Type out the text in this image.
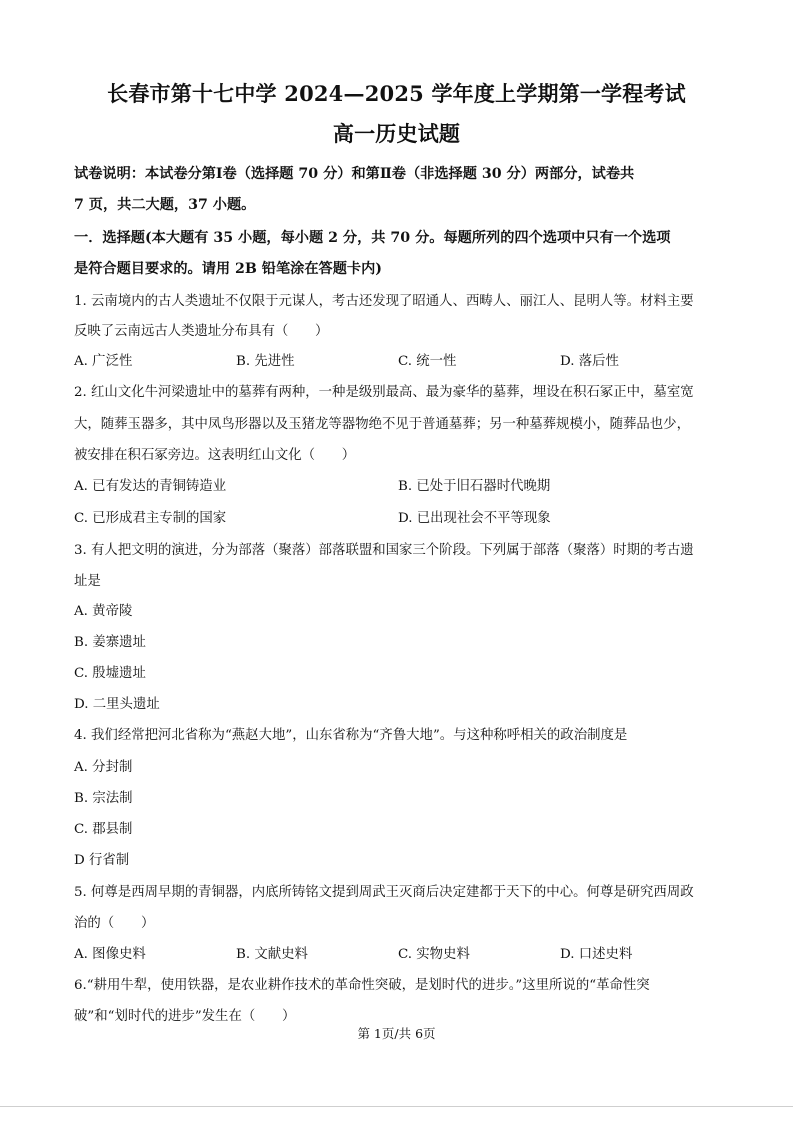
长春市第十七中学 2024—2025 学年度上学期第一学程考试
高一历史试题
试卷说明：本试卷分第Ⅰ卷（选择题 70 分）和第Ⅱ卷（非选择题 30 分）两部分，试卷共
7 页，共二大题，37 小题。
一．选择题(本大题有 35 小题，每小题 2 分，共 70 分。每题所列的四个选项中只有一个选项
是符合题目要求的。请用 2B 铅笔涂在答题卡内)
1. 云南境内的古人类遗址不仅限于元谋人，考古还发现了昭通人、西畴人、丽江人、昆明人等。材料主要
反映了云南远古人类遗址分布具有（　　）
A. 广泛性	B. 先进性	C. 统一性	D. 落后性
2. 红山文化牛河梁遗址中的墓葬有两种，一种是级别最高、最为豪华的墓葬，埋设在积石冢正中，墓室宽
大，随葬玉器多，其中凤鸟形器以及玉猪龙等器物绝不见于普通墓葬；另一种墓葬规模小，随葬品也少，
被安排在积石冢旁边。这表明红山文化（　　）
A. 已有发达的青铜铸造业	B. 已处于旧石器时代晚期
C. 已形成君主专制的国家	D. 已出现社会不平等现象
3. 有人把文明的演进，分为部落（聚落）部落联盟和国家三个阶段。下列属于部落（聚落）时期的考古遗
址是
A. 黄帝陵
B. 姜寨遗址
C. 殷墟遗址
D. 二里头遗址
4. 我们经常把河北省称为“燕赵大地”，山东省称为“齐鲁大地”。与这种称呼相关的政治制度是
A. 分封制
B. 宗法制
C. 郡县制
D 行省制
5. 何尊是西周早期的青铜器，内底所铸铭文提到周武王灭商后决定建都于天下的中心。何尊是研究西周政
治的（　　）
A. 图像史料	B. 文献史料	C. 实物史料	D. 口述史料
6.“耕用牛犁，使用铁器，是农业耕作技术的革命性突破，是划时代的进步。”这里所说的“革命性突
破”和“划时代的进步”发生在（　　）
第 1页/共 6页
